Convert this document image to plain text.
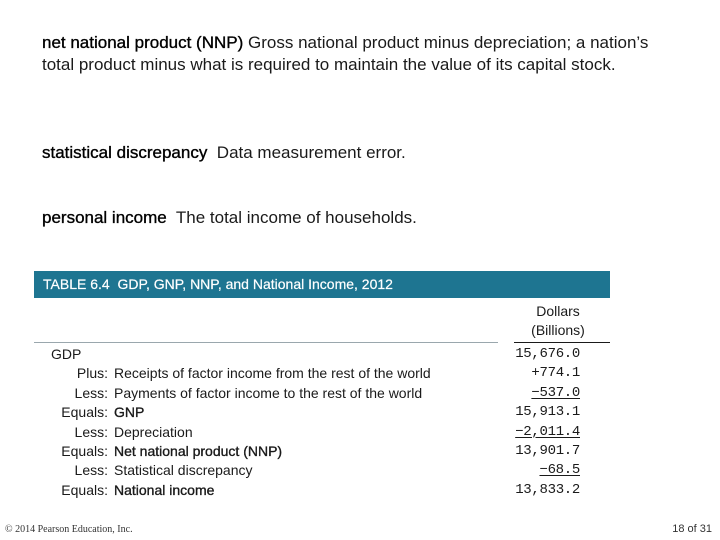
net national product (NNP) Gross national product minus depreciation; a nation’s total product minus what is required to maintain the value of its capital stock.
statistical discrepancy  Data measurement error.
personal income  The total income of households.
TABLE 6.4  GDP, GNP, NNP, and National Income, 2012
Dollars
(Billions)
GDP	15,676.0
Plus: Receipts of factor income from the rest of the world	+774.1
Less: Payments of factor income to the rest of the world	−537.0
Equals: GNP	15,913.1
Less: Depreciation	−2,011.4
Equals: Net national product (NNP)	13,901.7
Less: Statistical discrepancy	−68.5
Equals: National income	13,833.2
© 2014 Pearson Education, Inc.	18 of 31
